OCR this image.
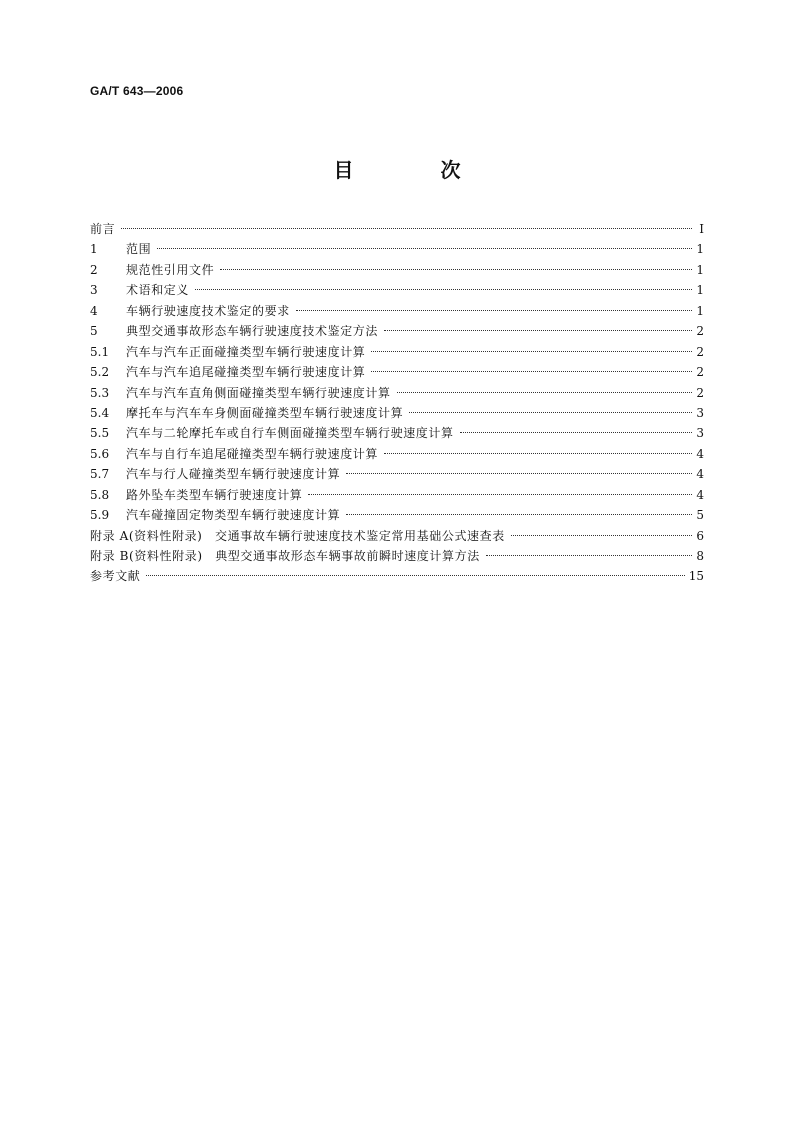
GA/T 643—2006
目 次
前言	Ⅰ
1	范围	1
2	规范性引用文件	1
3	术语和定义	1
4	车辆行驶速度技术鉴定的要求	1
5	典型交通事故形态车辆行驶速度技术鉴定方法	2
5.1	汽车与汽车正面碰撞类型车辆行驶速度计算	2
5.2	汽车与汽车追尾碰撞类型车辆行驶速度计算	2
5.3	汽车与汽车直角侧面碰撞类型车辆行驶速度计算	2
5.4	摩托车与汽车车身侧面碰撞类型车辆行驶速度计算	3
5.5	汽车与二轮摩托车或自行车侧面碰撞类型车辆行驶速度计算	3
5.6	汽车与自行车追尾碰撞类型车辆行驶速度计算	4
5.7	汽车与行人碰撞类型车辆行驶速度计算	4
5.8	路外坠车类型车辆行驶速度计算	4
5.9	汽车碰撞固定物类型车辆行驶速度计算	5
附录 A(资料性附录)　交通事故车辆行驶速度技术鉴定常用基础公式速查表	6
附录 B(资料性附录)　典型交通事故形态车辆事故前瞬时速度计算方法	8
参考文献	15
